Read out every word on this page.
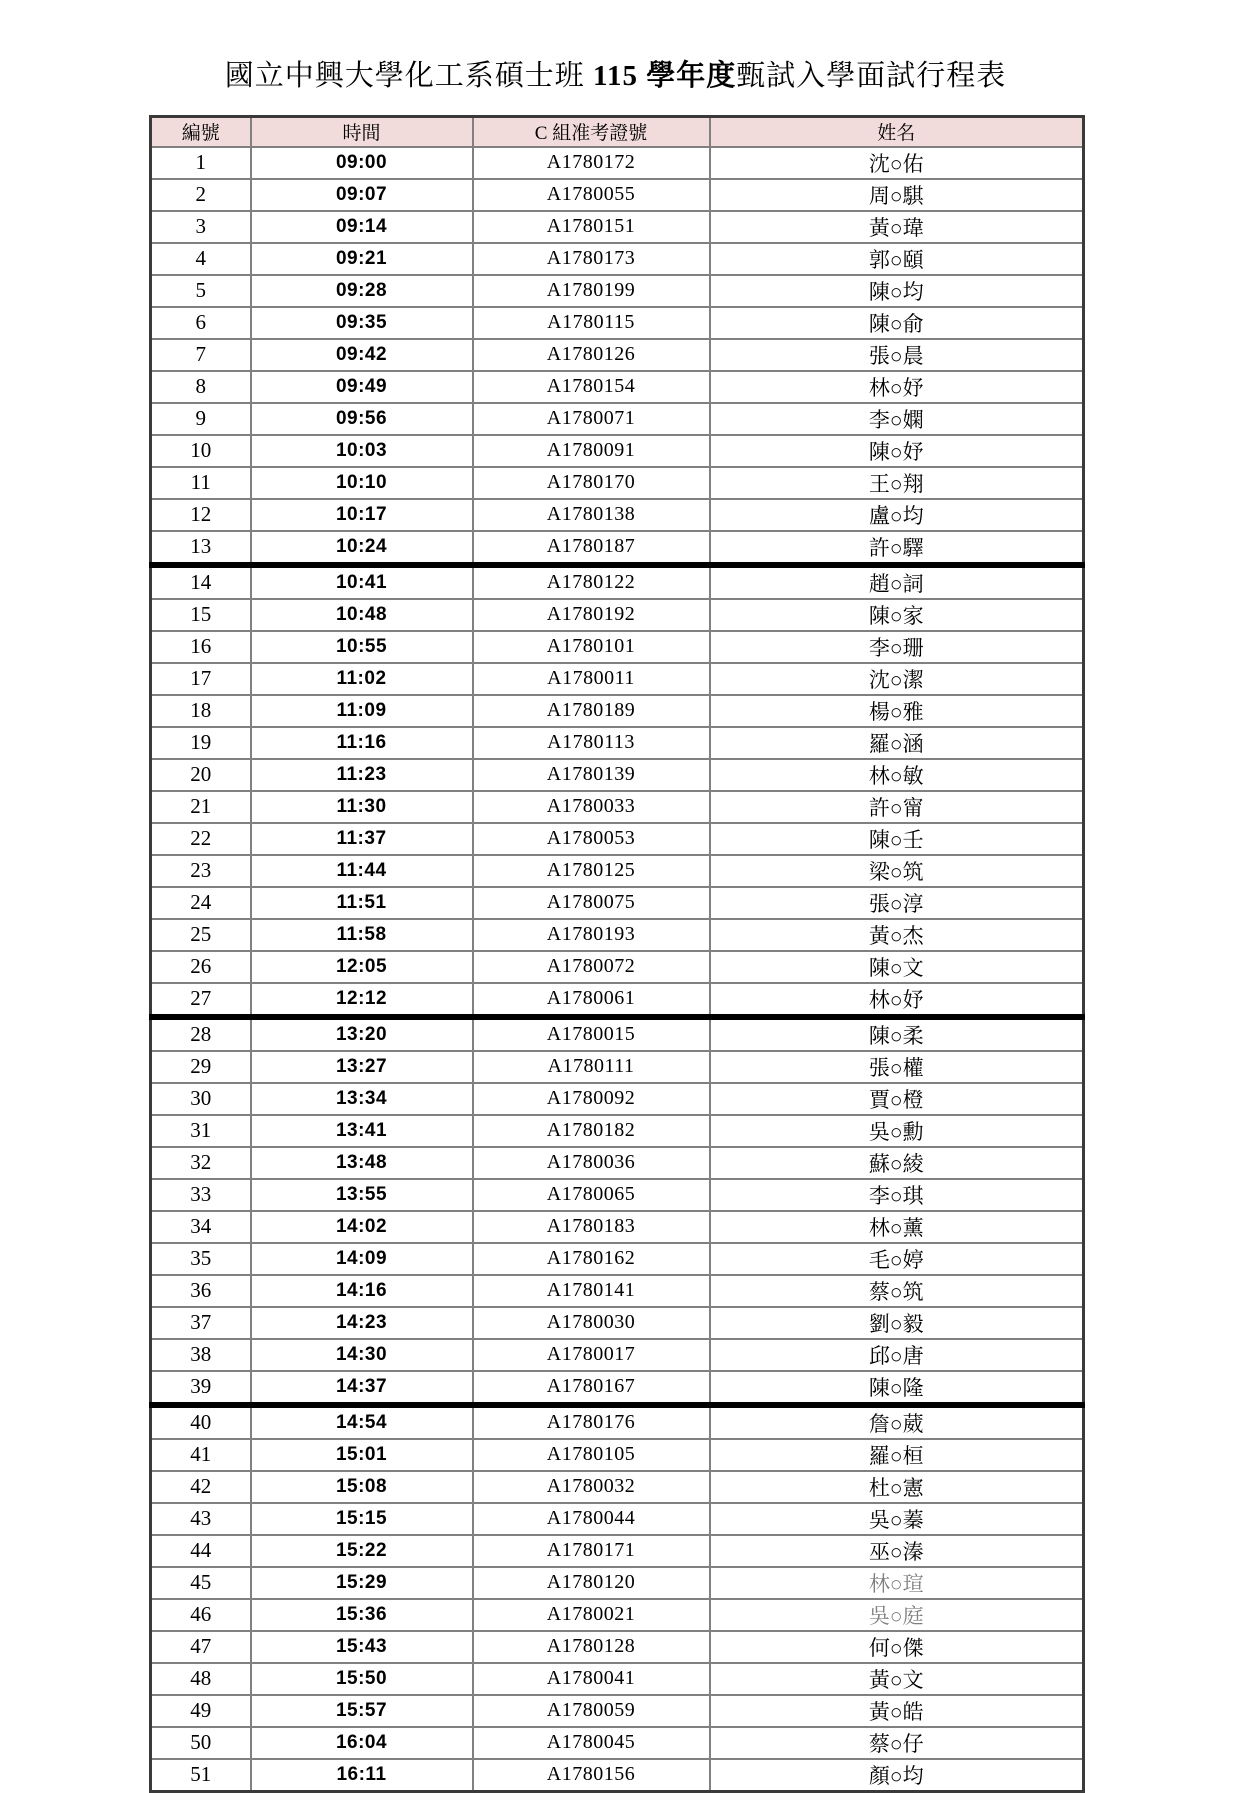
國立中興大學化工系碩士班 115 學年度甄試入學面試行程表
編號	時間	C 組准考證號	姓名
1	09:00	A1780172	沈○佑
2	09:07	A1780055	周○騏
3	09:14	A1780151	黃○瑋
4	09:21	A1780173	郭○頤
5	09:28	A1780199	陳○均
6	09:35	A1780115	陳○俞
7	09:42	A1780126	張○晨
8	09:49	A1780154	林○妤
9	09:56	A1780071	李○嫻
10	10:03	A1780091	陳○妤
11	10:10	A1780170	王○翔
12	10:17	A1780138	盧○均
13	10:24	A1780187	許○驛
14	10:41	A1780122	趙○詞
15	10:48	A1780192	陳○家
16	10:55	A1780101	李○珊
17	11:02	A1780011	沈○潔
18	11:09	A1780189	楊○雅
19	11:16	A1780113	羅○涵
20	11:23	A1780139	林○敏
21	11:30	A1780033	許○甯
22	11:37	A1780053	陳○壬
23	11:44	A1780125	梁○筑
24	11:51	A1780075	張○淳
25	11:58	A1780193	黃○杰
26	12:05	A1780072	陳○文
27	12:12	A1780061	林○妤
28	13:20	A1780015	陳○柔
29	13:27	A1780111	張○權
30	13:34	A1780092	賈○橙
31	13:41	A1780182	吳○勳
32	13:48	A1780036	蘇○綾
33	13:55	A1780065	李○琪
34	14:02	A1780183	林○薰
35	14:09	A1780162	毛○婷
36	14:16	A1780141	蔡○筑
37	14:23	A1780030	劉○毅
38	14:30	A1780017	邱○唐
39	14:37	A1780167	陳○隆
40	14:54	A1780176	詹○葳
41	15:01	A1780105	羅○桓
42	15:08	A1780032	杜○憲
43	15:15	A1780044	吳○蓁
44	15:22	A1780171	巫○溱
45	15:29	A1780120	林○瑄
46	15:36	A1780021	吳○庭
47	15:43	A1780128	何○傑
48	15:50	A1780041	黃○文
49	15:57	A1780059	黃○皓
50	16:04	A1780045	蔡○仔
51	16:11	A1780156	顏○均
